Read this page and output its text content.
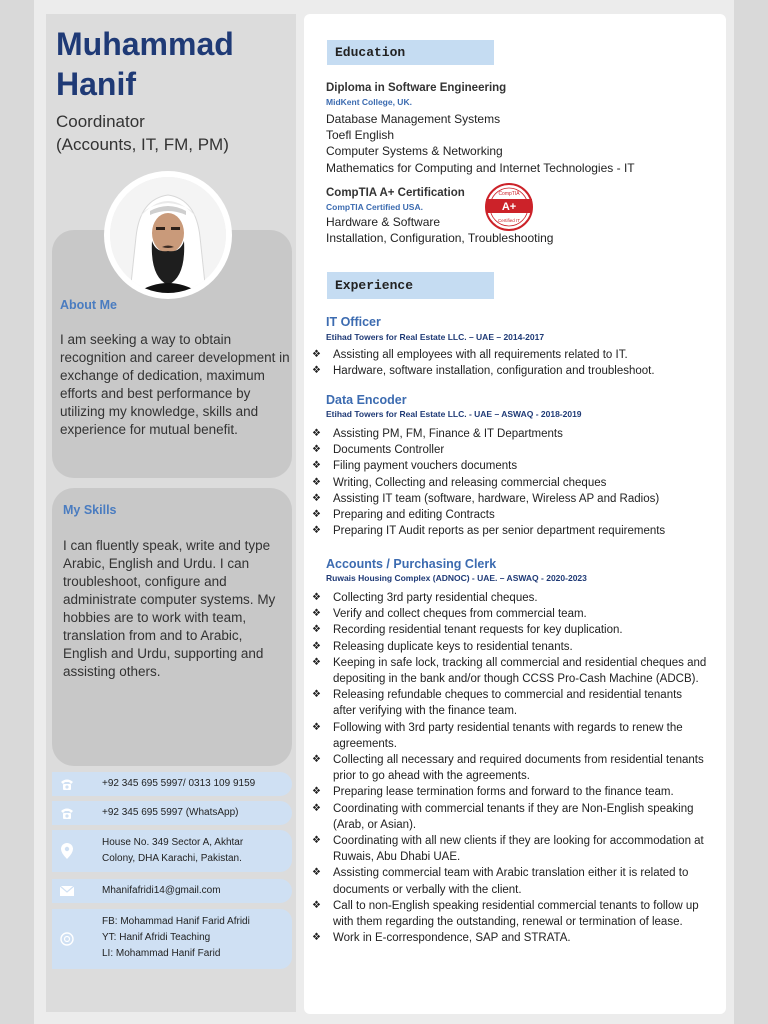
Muhammad Hanif
Coordinator
(Accounts, IT, FM, PM)
About Me
I am seeking a way to obtain recognition and career development in exchange of dedication, maximum efforts and best performance by utilizing my knowledge, skills and experience for mutual benefit.
My Skills
I can fluently speak, write and type Arabic, English and Urdu. I can troubleshoot, configure and administrate computer systems. My hobbies are to work with team, translation from and to Arabic, English and Urdu, supporting and assisting others.
+92 345 695 5997/ 0313 109 9159
+92 345 695 5997 (WhatsApp)
House No. 349 Sector A, Akhtar
Colony, DHA Karachi, Pakistan.
Mhanifafridi14@gmail.com
FB: Mohammad Hanif Farid Afridi
YT: Hanif Afridi Teaching
LI: Mohammad Hanif Farid
Education
Diploma in Software Engineering
MidKent College, UK.
Database Management Systems
Toefl English
Computer Systems & Networking
Mathematics for Computing and Internet Technologies - IT
CompTIA A+ Certification
CompTIA Certified USA.
Hardware & Software
Installation, Configuration, Troubleshooting
A+
CompTIA
Certified IT
Experience
IT Officer
Etihad Towers for Real Estate LLC. – UAE – 2014-2017
❖ Assisting all employees with all requirements related to IT.
❖ Hardware, software installation, configuration and troubleshoot.
Data Encoder
Etihad Towers for Real Estate LLC. - UAE – ASWAQ - 2018-2019
❖ Assisting PM, FM, Finance & IT Departments
❖ Documents Controller
❖ Filing payment vouchers documents
❖ Writing, Collecting and releasing commercial cheques
❖ Assisting IT team (software, hardware, Wireless AP and Radios)
❖ Preparing and editing Contracts
❖ Preparing IT Audit reports as per senior department requirements
Accounts / Purchasing Clerk
Ruwais Housing Complex (ADNOC) - UAE. – ASWAQ - 2020-2023
❖ Collecting 3rd party residential cheques.
❖ Verify and collect cheques from commercial team.
❖ Recording residential tenant requests for key duplication.
❖ Releasing duplicate keys to residential tenants.
❖ Keeping in safe lock, tracking all commercial and residential cheques and depositing in the bank and/or though CCSS Pro-Cash Machine (ADCB).
❖ Releasing refundable cheques to commercial and residential tenants after verifying with the finance team.
❖ Following with 3rd party residential tenants with regards to renew the agreements.
❖ Collecting all necessary and required documents from residential tenants prior to go ahead with the agreements.
❖ Preparing lease termination forms and forward to the finance team.
❖ Coordinating with commercial tenants if they are Non-English speaking (Arab, or Asian).
❖ Coordinating with all new clients if they are looking for accommodation at Ruwais, Abu Dhabi UAE.
❖ Assisting commercial team with Arabic translation either it is related to documents or verbally with the client.
❖ Call to non-English speaking residential commercial tenants to follow up with them regarding the outstanding, renewal or termination of lease.
❖ Work in E-correspondence, SAP and STRATA.
